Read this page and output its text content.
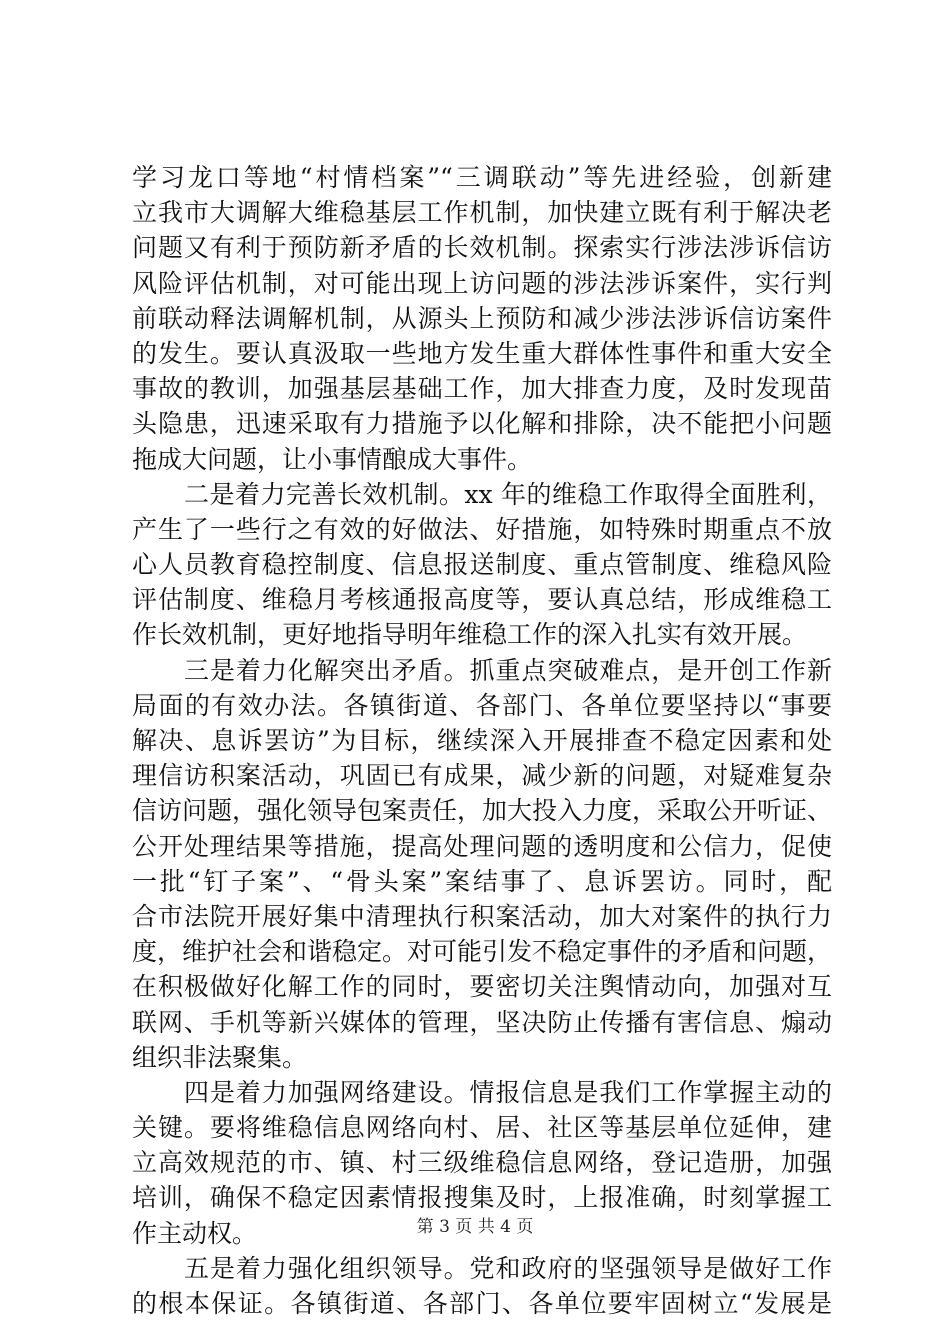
学习龙口等地“村情档案”“三调联动”等先进经验，创新建
立我市大调解大维稳基层工作机制，加快建立既有利于解决老
问题又有利于预防新矛盾的长效机制。探索实行涉法涉诉信访
风险评估机制，对可能出现上访问题的涉法涉诉案件，实行判
前联动释法调解机制，从源头上预防和减少涉法涉诉信访案件
的发生。要认真汲取一些地方发生重大群体性事件和重大安全
事故的教训，加强基层基础工作，加大排查力度，及时发现苗
头隐患，迅速采取有力措施予以化解和排除，决不能把小问题
拖成大问题，让小事情酿成大事件。
二是着力完善长效机制。xx 年的维稳工作取得全面胜利，
产生了一些行之有效的好做法、好措施，如特殊时期重点不放
心人员教育稳控制度、信息报送制度、重点管制度、维稳风险
评估制度、维稳月考核通报高度等，要认真总结，形成维稳工
作长效机制，更好地指导明年维稳工作的深入扎实有效开展。
三是着力化解突出矛盾。抓重点突破难点，是开创工作新
局面的有效办法。各镇街道、各部门、各单位要坚持以“事要
解决、息诉罢访”为目标，继续深入开展排查不稳定因素和处
理信访积案活动，巩固已有成果，减少新的问题，对疑难复杂
信访问题，强化领导包案责任，加大投入力度，采取公开听证、
公开处理结果等措施，提高处理问题的透明度和公信力，促使
一批“钉子案”、“骨头案”案结事了、息诉罢访。同时，配
合市法院开展好集中清理执行积案活动，加大对案件的执行力
度，维护社会和谐稳定。对可能引发不稳定事件的矛盾和问题，
在积极做好化解工作的同时，要密切关注舆情动向，加强对互
联网、手机等新兴媒体的管理，坚决防止传播有害信息、煽动
组织非法聚集。
四是着力加强网络建设。情报信息是我们工作掌握主动的
关键。要将维稳信息网络向村、居、社区等基层单位延伸，建
立高效规范的市、镇、村三级维稳信息网络，登记造册，加强
培训，确保不稳定因素情报搜集及时，上报准确，时刻掌握工
作主动权。
五是着力强化组织领导。党和政府的坚强领导是做好工作
的根本保证。各镇街道、各部门、各单位要牢固树立“发展是
第 3 页 共 4 页
